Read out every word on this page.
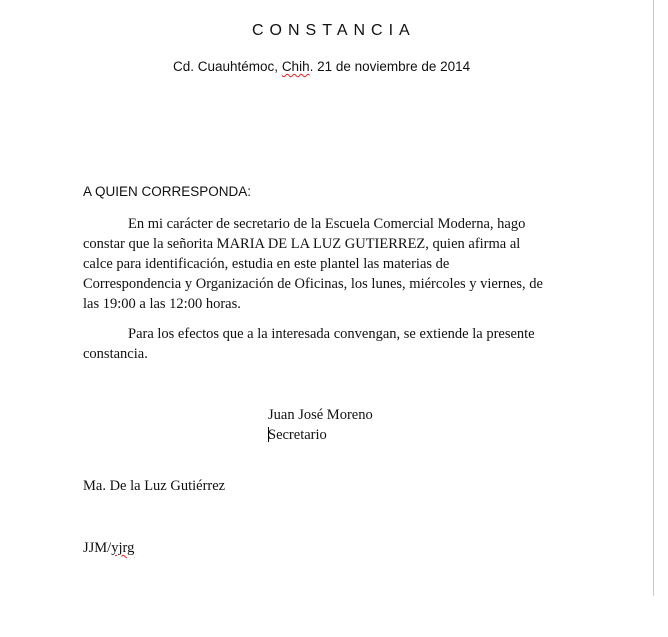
CONSTANCIA
Cd. Cuauhtémoc, Chih. 21 de noviembre de 2014
A QUIEN CORRESPONDA:
En mi carácter de secretario de la Escuela Comercial Moderna, hago
constar que la señorita MARIA DE LA LUZ GUTIERREZ, quien afirma al
calce para identificación, estudia en este plantel las materias de
Correspondencia y Organización de Oficinas, los lunes, miércoles y viernes, de
las 19:00 a las 12:00 horas.
Para los efectos que a la interesada convengan, se extiende la presente
constancia.
Juan José Moreno
Secretario
Ma. De la Luz Gutiérrez
JJM/yjrg
